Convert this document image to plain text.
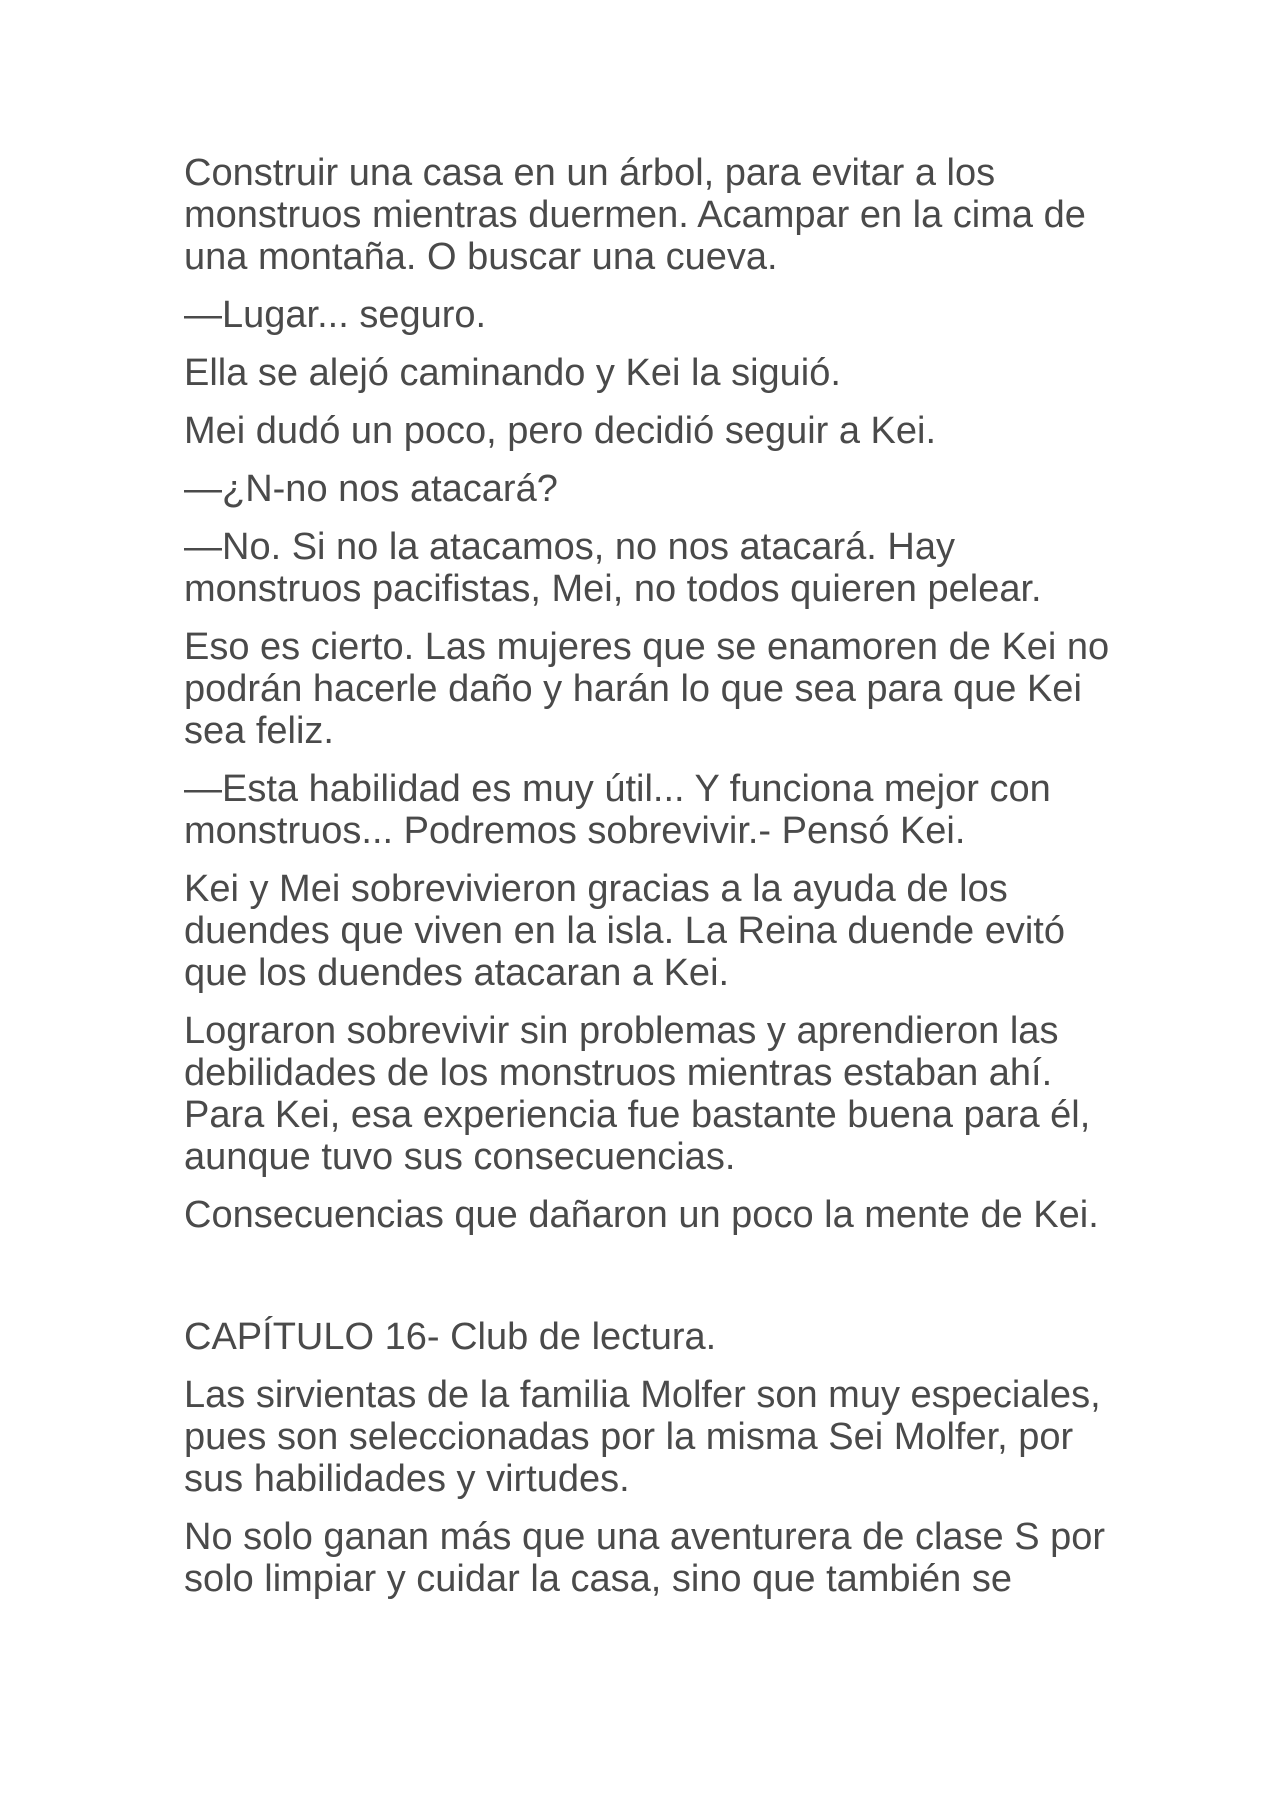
Construir una casa en un árbol, para evitar a los monstruos mientras duermen. Acampar en la cima de una montaña. O buscar una cueva.

—Lugar... seguro.

Ella se alejó caminando y Kei la siguió.

Mei dudó un poco, pero decidió seguir a Kei.

—¿N-no nos atacará?

—No. Si no la atacamos, no nos atacará. Hay monstruos pacifistas, Mei, no todos quieren pelear.

Eso es cierto. Las mujeres que se enamoren de Kei no podrán hacerle daño y harán lo que sea para que Kei sea feliz.

—Esta habilidad es muy útil... Y funciona mejor con monstruos... Podremos sobrevivir.- Pensó Kei.

Kei y Mei sobrevivieron gracias a la ayuda de los duendes que viven en la isla. La Reina duende evitó que los duendes atacaran a Kei.

Lograron sobrevivir sin problemas y aprendieron las debilidades de los monstruos mientras estaban ahí. Para Kei, esa experiencia fue bastante buena para él, aunque tuvo sus consecuencias.

Consecuencias que dañaron un poco la mente de Kei.

CAPÍTULO 16- Club de lectura.

Las sirvientas de la familia Molfer son muy especiales, pues son seleccionadas por la misma Sei Molfer, por sus habilidades y virtudes.

No solo ganan más que una aventurera de clase S por solo limpiar y cuidar la casa, sino que también se
